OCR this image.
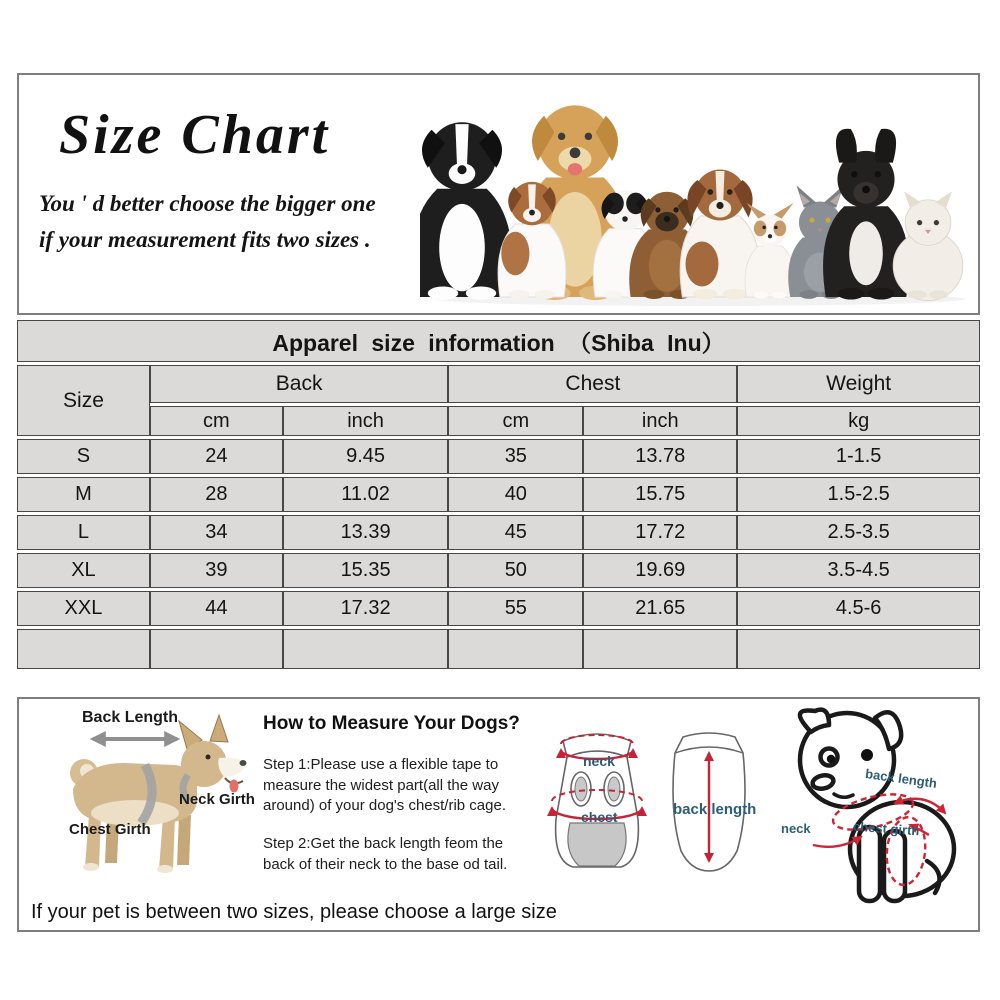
Size Chart

You ' d better choose the bigger one

if your measurement fits two sizes .

Apparel size information （Shiba Inu）					
Size	Back		Chest		Weight
	cm	inch	cm	inch	kg
S	24	9.45	35	13.78	1-1.5
M	28	11.02	40	15.75	1.5-2.5
L	34	13.39	45	17.72	2.5-3.5
XL	39	15.35	50	19.69	3.5-4.5
XXL	44	17.32	55	21.65	4.5-6

Back Length
Neck Girth
Chest Girth
How to Measure Your Dogs?

Step 1:Please use a flexible tape to measure the widest part(all the way around) of your dog's chest/rib cage.

Step 2:Get the back length feom the back of their neck to the base od tail.

neck
chest	back length
back length
neck	chest girth

If your pet is between two sizes, please choose a large size
